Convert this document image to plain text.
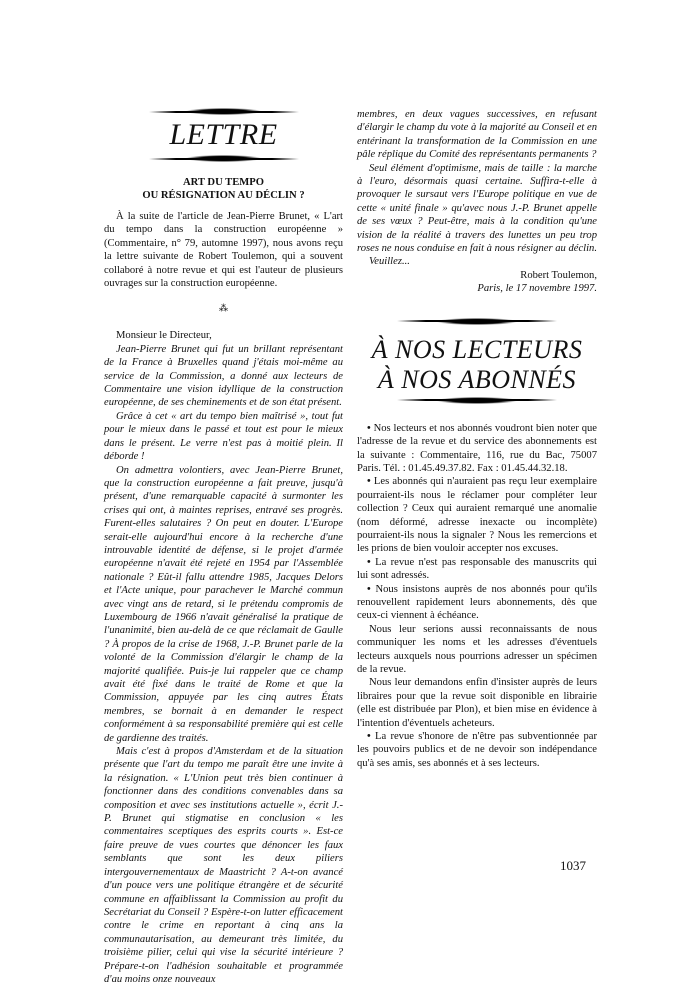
LETTRE
ART DU TEMPO
OU RÉSIGNATION AU DÉCLIN ?

À la suite de l'article de Jean-Pierre Brunet, « L'art du tempo dans la construction européenne » (Commentaire, n° 79, automne 1997), nous avons reçu la lettre suivante de Robert Toulemon, qui a souvent collaboré à notre revue et qui est l'auteur de plusieurs ouvrages sur la construction européenne.

⁂

Monsieur le Directeur,

Jean-Pierre Brunet qui fut un brillant représentant de la France à Bruxelles quand j'étais moi-même au service de la Commission, a donné aux lecteurs de Commentaire une vision idyllique de la construction européenne, de ses cheminements et de son état présent.

Grâce à cet « art du tempo bien maîtrisé », tout fut pour le mieux dans le passé et tout est pour le mieux dans le présent. Le verre n'est pas à moitié plein. Il déborde !

On admettra volontiers, avec Jean-Pierre Brunet, que la construction européenne a fait preuve, jusqu'à présent, d'une remarquable capacité à surmonter les crises qui ont, à maintes reprises, entravé ses progrès. Furent-elles salutaires ? On peut en douter. L'Europe serait-elle aujourd'hui encore à la recherche d'une introuvable identité de défense, si le projet d'armée européenne n'avait été rejeté en 1954 par l'Assemblée nationale ? Eût-il fallu attendre 1985, Jacques Delors et l'Acte unique, pour parachever le Marché commun avec vingt ans de retard, si le prétendu compromis de Luxembourg de 1966 n'avait généralisé la pratique de l'unanimité, bien au-delà de ce que réclamait de Gaulle ? À propos de la crise de 1968, J.-P. Brunet parle de la volonté de la Commission d'élargir le champ de la majorité qualifiée. Puis-je lui rappeler que ce champ avait été fixé dans le traité de Rome et que la Commission, appuyée par les cinq autres États membres, se bornait à en demander le respect conformément à sa responsabilité première qui est celle de gardienne des traités.

Mais c'est à propos d'Amsterdam et de la situation présente que l'art du tempo me paraît être une invite à la résignation. « L'Union peut très bien continuer à fonctionner dans des conditions convenables dans sa composition et avec ses institutions actuelle », écrit J.-P. Brunet qui stigmatise en conclusion « les commentaires sceptiques des esprits courts ». Est-ce faire preuve de vues courtes que dénoncer les faux semblants que sont les deux piliers intergouvernementaux de Maastricht ? A-t-on avancé d'un pouce vers une politique étrangère et de sécurité commune en affaiblissant la Commission au profit du Secrétariat du Conseil ? Espère-t-on lutter efficacement contre le crime en reportant à cinq ans la communautarisation, au demeurant très limitée, du troisième pilier, celui qui vise la sécurité intérieure ? Prépare-t-on l'adhésion souhaitable et programmée d'au moins onze nouveaux

membres, en deux vagues successives, en refusant d'élargir le champ du vote à la majorité au Conseil et en entérinant la transformation de la Commission en une pâle réplique du Comité des représentants permanents ?

Seul élément d'optimisme, mais de taille : la marche à l'euro, désormais quasi certaine. Suffira-t-elle à provoquer le sursaut vers l'Europe politique en vue de cette « unité finale » qu'avec nous J.-P. Brunet appelle de ses vœux ? Peut-être, mais à la condition qu'une vision de la réalité à travers des lunettes un peu trop roses ne nous conduise en fait à nous résigner au déclin.

Veuillez...

Robert Toulemon,

Paris, le 17 novembre 1997.

À NOS LECTEURS
À NOS ABONNÉS

• Nos lecteurs et nos abonnés voudront bien noter que l'adresse de la revue et du service des abonnements est la suivante : Commentaire, 116, rue du Bac, 75007 Paris. Tél. : 01.45.49.37.82. Fax : 01.45.44.32.18.

• Les abonnés qui n'auraient pas reçu leur exemplaire pourraient-ils nous le réclamer pour compléter leur collection ? Ceux qui auraient remarqué une anomalie (nom déformé, adresse inexacte ou incomplète) pourraient-ils nous la signaler ? Nous les remercions et les prions de bien vouloir accepter nos excuses.

• La revue n'est pas responsable des manuscrits qui lui sont adressés.

• Nous insistons auprès de nos abonnés pour qu'ils renouvellent rapidement leurs abonnements, dès que ceux-ci viennent à échéance.

Nous leur serions aussi reconnaissants de nous communiquer les noms et les adresses d'éventuels lecteurs auxquels nous pourrions adresser un spécimen de la revue.

Nous leur demandons enfin d'insister auprès de leurs libraires pour que la revue soit disponible en librairie (elle est distribuée par Plon), et bien mise en évidence à l'intention d'éventuels acheteurs.

• La revue s'honore de n'être pas subventionnée par les pouvoirs publics et de ne devoir son indépendance qu'à ses amis, ses abonnés et à ses lecteurs.

1037
